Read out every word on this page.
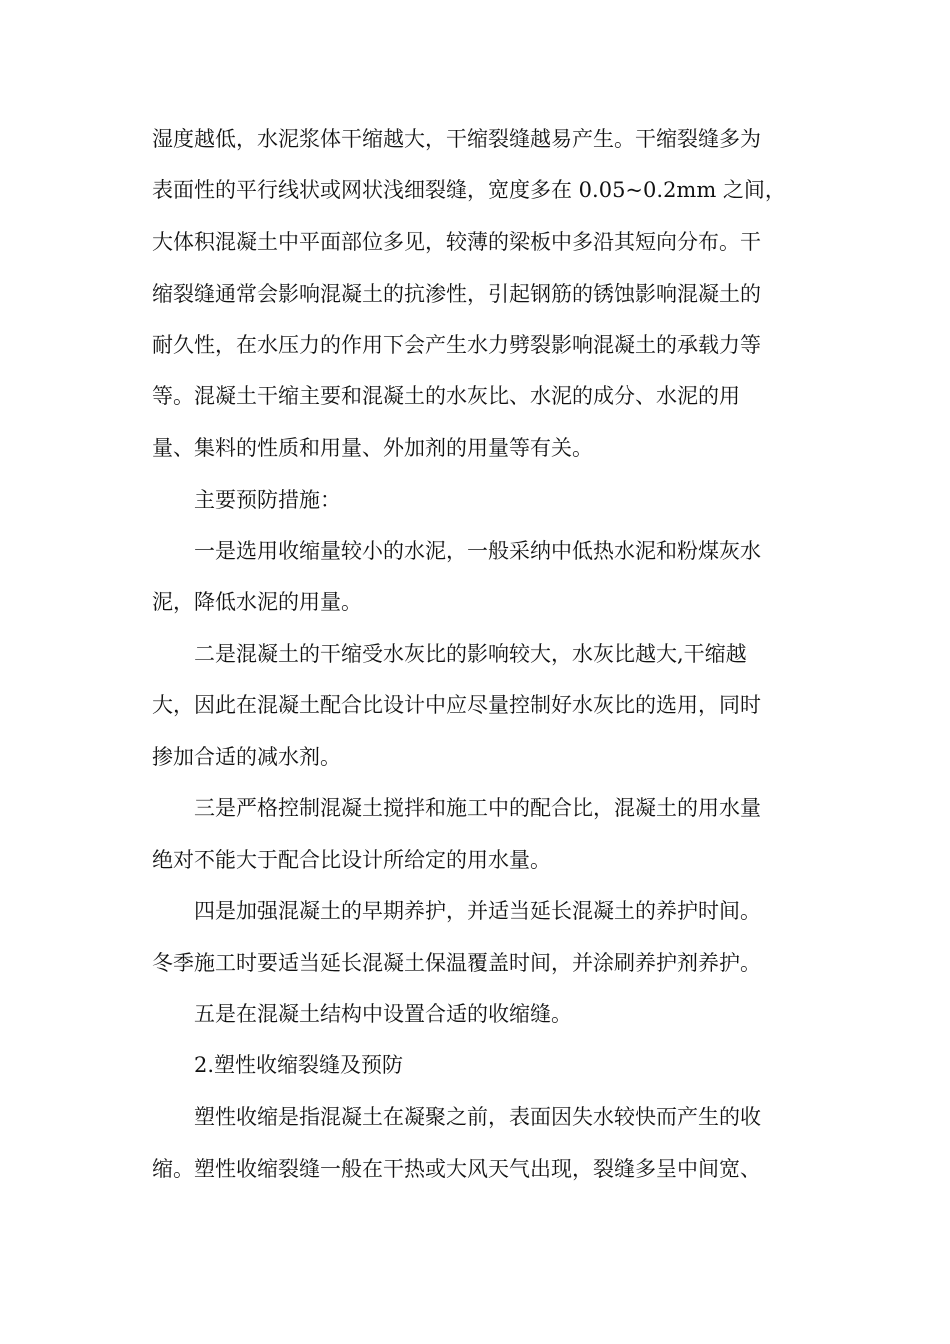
湿度越低，水泥浆体干缩越大，干缩裂缝越易产生。干缩裂缝多为
表面性的平行线状或网状浅细裂缝，宽度多在 0.05~0.2mm 之间，
大体积混凝土中平面部位多见，较薄的梁板中多沿其短向分布。干
缩裂缝通常会影响混凝土的抗渗性，引起钢筋的锈蚀影响混凝土的
耐久性，在水压力的作用下会产生水力劈裂影响混凝土的承载力等
等。混凝土干缩主要和混凝土的水灰比、水泥的成分、水泥的用
量、集料的性质和用量、外加剂的用量等有关。
主要预防措施：
一是选用收缩量较小的水泥，一般采纳中低热水泥和粉煤灰水
泥，降低水泥的用量。
二是混凝土的干缩受水灰比的影响较大，水灰比越大,干缩越
大，因此在混凝土配合比设计中应尽量控制好水灰比的选用，同时
掺加合适的减水剂。
三是严格控制混凝土搅拌和施工中的配合比，混凝土的用水量
绝对不能大于配合比设计所给定的用水量。
四是加强混凝土的早期养护，并适当延长混凝土的养护时间。
冬季施工时要适当延长混凝土保温覆盖时间，并涂刷养护剂养护。
五是在混凝土结构中设置合适的收缩缝。
2.塑性收缩裂缝及预防
塑性收缩是指混凝土在凝聚之前，表面因失水较快而产生的收
缩。塑性收缩裂缝一般在干热或大风天气出现，裂缝多呈中间宽、
